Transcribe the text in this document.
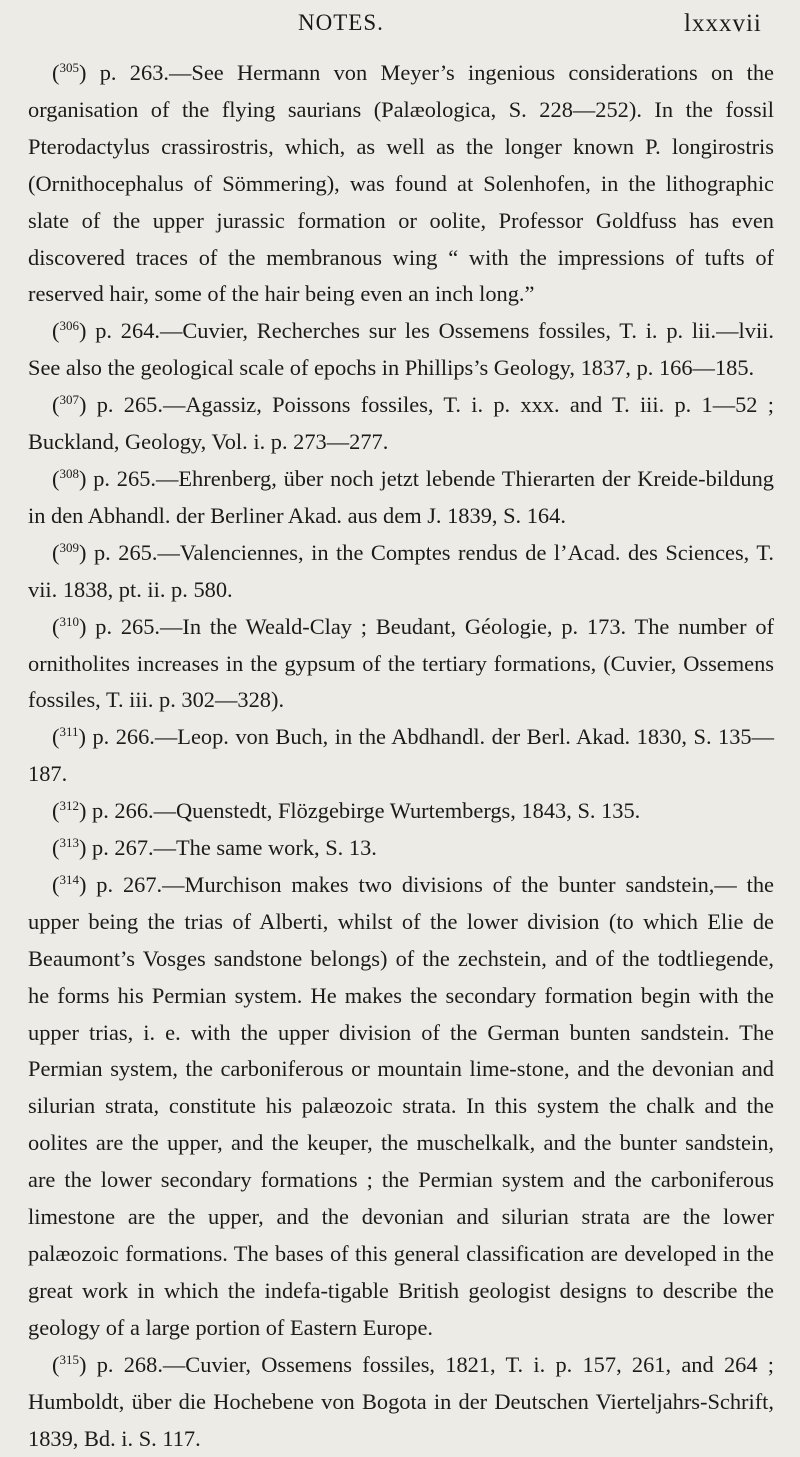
NOTES.	lxxxvii

($^{305}$) p. 263.—See Hermann von Meyer’s ingenious considerations on the organisation of the flying saurians (Palæologica, S. 228—252). In the fossil Pterodactylus crassirostris, which, as well as the longer known P. longirostris (Ornithocephalus of Sömmering), was found at Solenhofen, in the lithographic slate of the upper jurassic formation or oolite, Professor Goldfuss has even discovered traces of the membranous wing “ with the impressions of tufts of reserved hair, some of the hair being even an inch long.”

($^{306}$) p. 264.—Cuvier, Recherches sur les Ossemens fossiles, T. i. p. lii.—lvii. See also the geological scale of epochs in Phillips’s Geology, 1837, p. 166—185.

($^{307}$) p. 265.—Agassiz, Poissons fossiles, T. i. p. xxx. and T. iii. p. 1—52 ; Buckland, Geology, Vol. i. p. 273—277.

($^{308}$) p. 265.—Ehrenberg, über noch jetzt lebende Thierarten der Kreide-bildung in den Abhandl. der Berliner Akad. aus dem J. 1839, S. 164.

($^{309}$) p. 265.—Valenciennes, in the Comptes rendus de l’Acad. des Sciences, T. vii. 1838, pt. ii. p. 580.

($^{310}$) p. 265.—In the Weald-Clay ; Beudant, Géologie, p. 173. The number of ornitholites increases in the gypsum of the tertiary formations, (Cuvier, Ossemens fossiles, T. iii. p. 302—328).

($^{311}$) p. 266.—Leop. von Buch, in the Abdhandl. der Berl. Akad. 1830, S. 135—187.

($^{312}$) p. 266.—Quenstedt, Flözgebirge Wurtembergs, 1843, S. 135.

($^{313}$) p. 267.—The same work, S. 13.

($^{314}$) p. 267.—Murchison makes two divisions of the bunter sandstein,— the upper being the trias of Alberti, whilst of the lower division (to which Elie de Beaumont’s Vosges sandstone belongs) of the zechstein, and of the todtliegende, he forms his Permian system. He makes the secondary formation begin with the upper trias, i. e. with the upper division of the German bunten sandstein. The Permian system, the carboniferous or mountain lime-stone, and the devonian and silurian strata, constitute his palæozoic strata. In this system the chalk and the oolites are the upper, and the keuper, the muschelkalk, and the bunter sandstein, are the lower secondary formations ; the Permian system and the carboniferous limestone are the upper, and the devonian and silurian strata are the lower palæozoic formations. The bases of this general classification are developed in the great work in which the indefa-tigable British geologist designs to describe the geology of a large portion of Eastern Europe.

($^{315}$) p. 268.—Cuvier, Ossemens fossiles, 1821, T. i. p. 157, 261, and 264 ; Humboldt, über die Hochebene von Bogota in der Deutschen Vierteljahrs-Schrift, 1839, Bd. i. S. 117.
